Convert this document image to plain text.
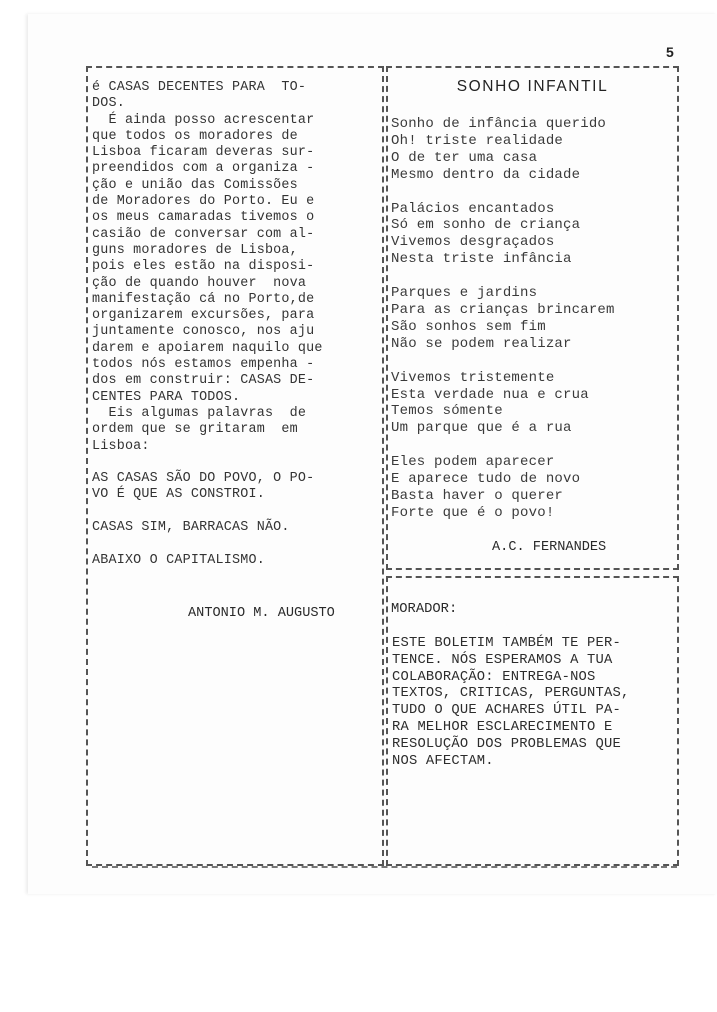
5
é CASAS DECENTES PARA  TO-
DOS.
É ainda posso acrescentar
que todos os moradores de
Lisboa ficaram deveras sur-
preendidos com a organiza -
ção e união das Comissões
de Moradores do Porto. Eu e
os meus camaradas tivemos o
casião de conversar com al-
guns moradores de Lisboa,
pois eles estão na disposi-
ção de quando houver  nova
manifestação cá no Porto,de
organizarem excursões, para
juntamente conosco, nos aju
darem e apoiarem naquilo que
todos nós estamos empenha -
dos em construir: CASAS DE-
CENTES PARA TODOS.
Eis algumas palavras  de
ordem que se gritaram  em
Lisboa:

AS CASAS SÃO DO POVO, O PO-
VO É QUE AS CONSTROI.

CASAS SIM, BARRACAS NÃO.

ABAIXO O CAPITALISMO.
ANTONIO M. AUGUSTO
SONHO INFANTIL
Sonho de infância querido
Oh! triste realidade
O de ter uma casa
Mesmo dentro da cidade

Palácios encantados
Só em sonho de criança
Vivemos desgraçados
Nesta triste infância

Parques e jardins
Para as crianças brincarem
São sonhos sem fim
Não se podem realizar

Vivemos tristemente
Esta verdade nua e crua
Temos sómente
Um parque que é a rua

Eles podem aparecer
E aparece tudo de novo
Basta haver o querer
Forte que é o povo!
A.C. FERNANDES
MORADOR:
ESTE BOLETIM TAMBÉM TE PER-
TENCE. NÓS ESPERAMOS A TUA
COLABORAÇÃO: ENTREGA-NOS
TEXTOS, CRITICAS, PERGUNTAS,
TUDO O QUE ACHARES ÚTIL PA-
RA MELHOR ESCLARECIMENTO E
RESOLUÇÃO DOS PROBLEMAS QUE
NOS AFECTAM.
